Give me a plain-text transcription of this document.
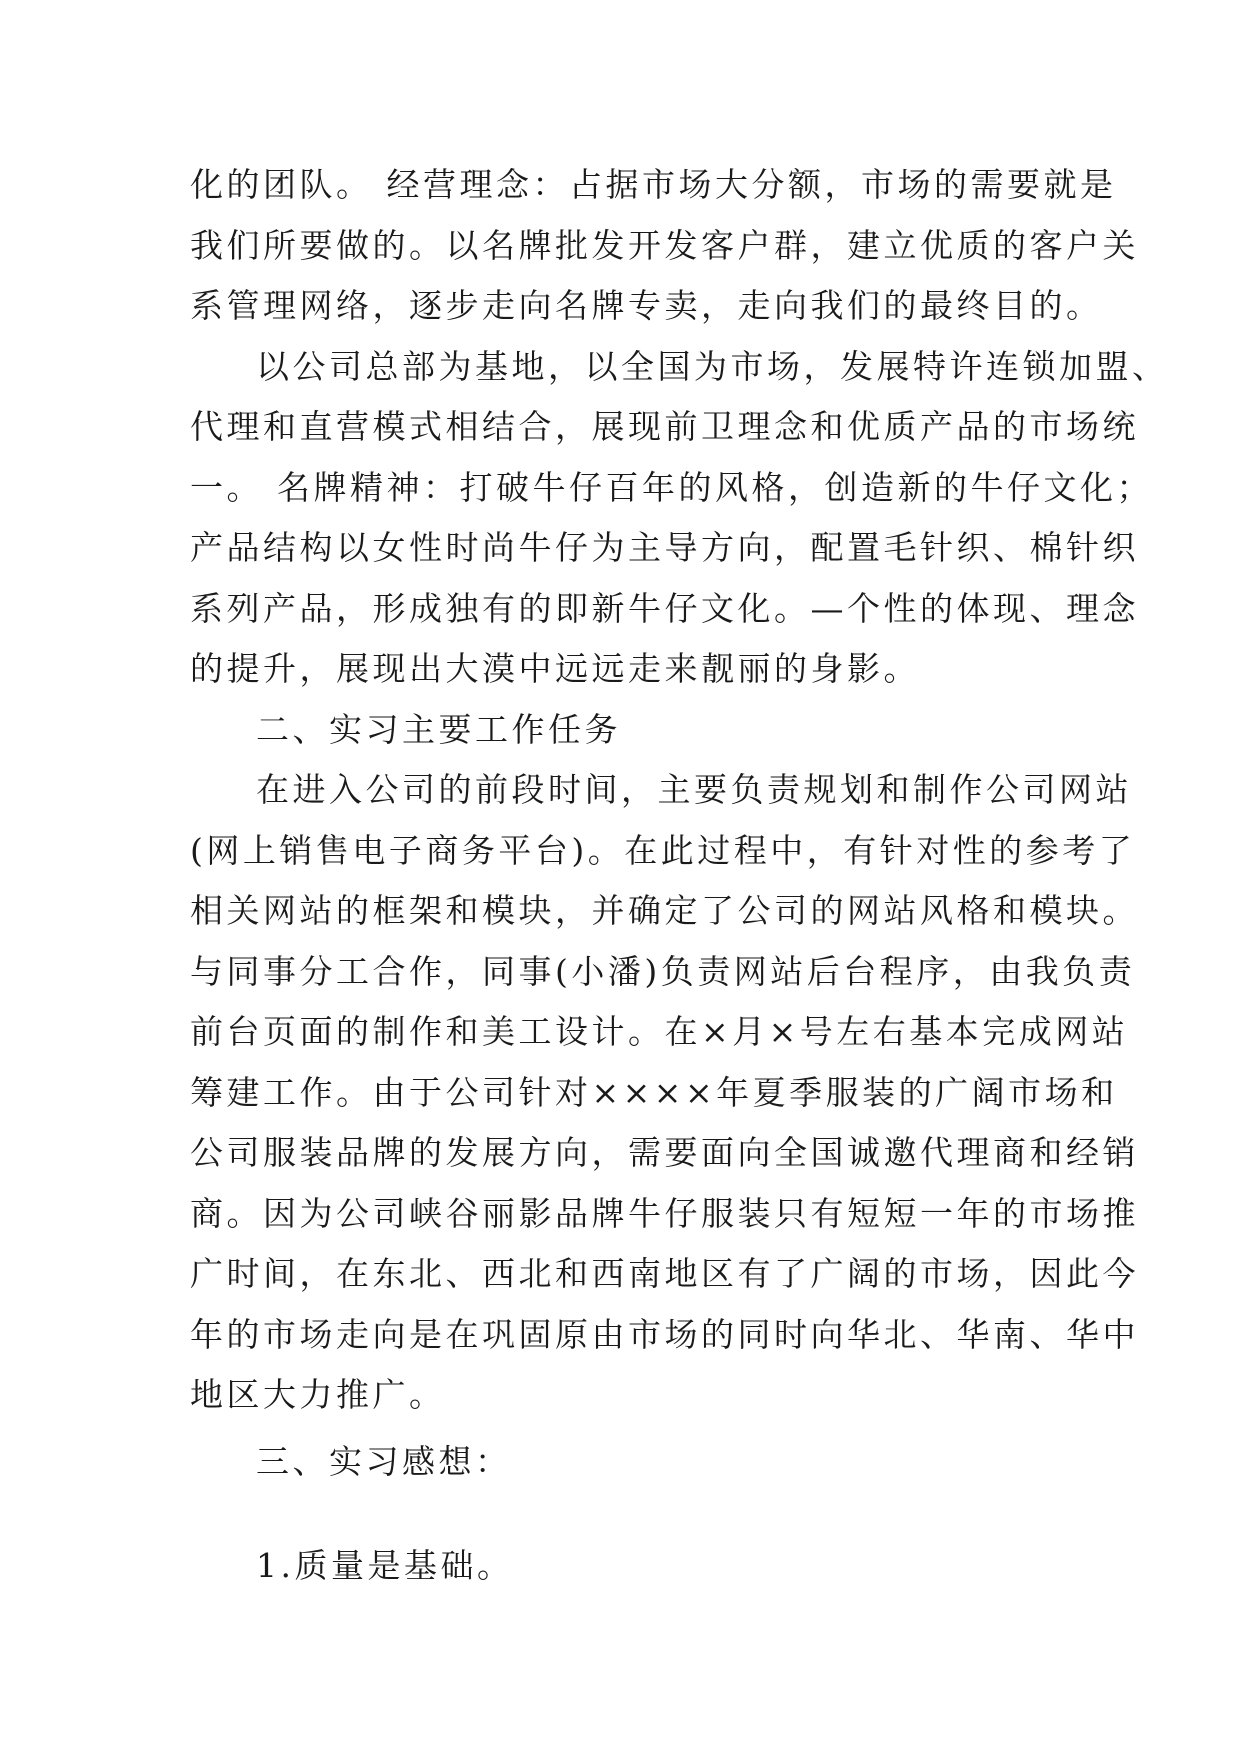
化的团队。 经营理念：占据市场大分额，市场的需要就是
我们所要做的。以名牌批发开发客户群，建立优质的客户关
系管理网络，逐步走向名牌专卖，走向我们的最终目的。
以公司总部为基地，以全国为市场，发展特许连锁加盟、
代理和直营模式相结合，展现前卫理念和优质产品的市场统
一。 名牌精神：打破牛仔百年的风格，创造新的牛仔文化；
产品结构以女性时尚牛仔为主导方向，配置毛针织、棉针织
系列产品，形成独有的即新牛仔文化。—个性的体现、理念
的提升，展现出大漠中远远走来靓丽的身影。
二、实习主要工作任务
在进入公司的前段时间，主要负责规划和制作公司网站
(网上销售电子商务平台)。在此过程中，有针对性的参考了
相关网站的框架和模块，并确定了公司的网站风格和模块。
与同事分工合作，同事(小潘)负责网站后台程序，由我负责
前台页面的制作和美工设计。在×月×号左右基本完成网站
筹建工作。由于公司针对××××年夏季服装的广阔市场和
公司服装品牌的发展方向，需要面向全国诚邀代理商和经销
商。因为公司峡谷丽影品牌牛仔服装只有短短一年的市场推
广时间，在东北、西北和西南地区有了广阔的市场，因此今
年的市场走向是在巩固原由市场的同时向华北、华南、华中
地区大力推广。
三、实习感想：
1.质量是基础。
